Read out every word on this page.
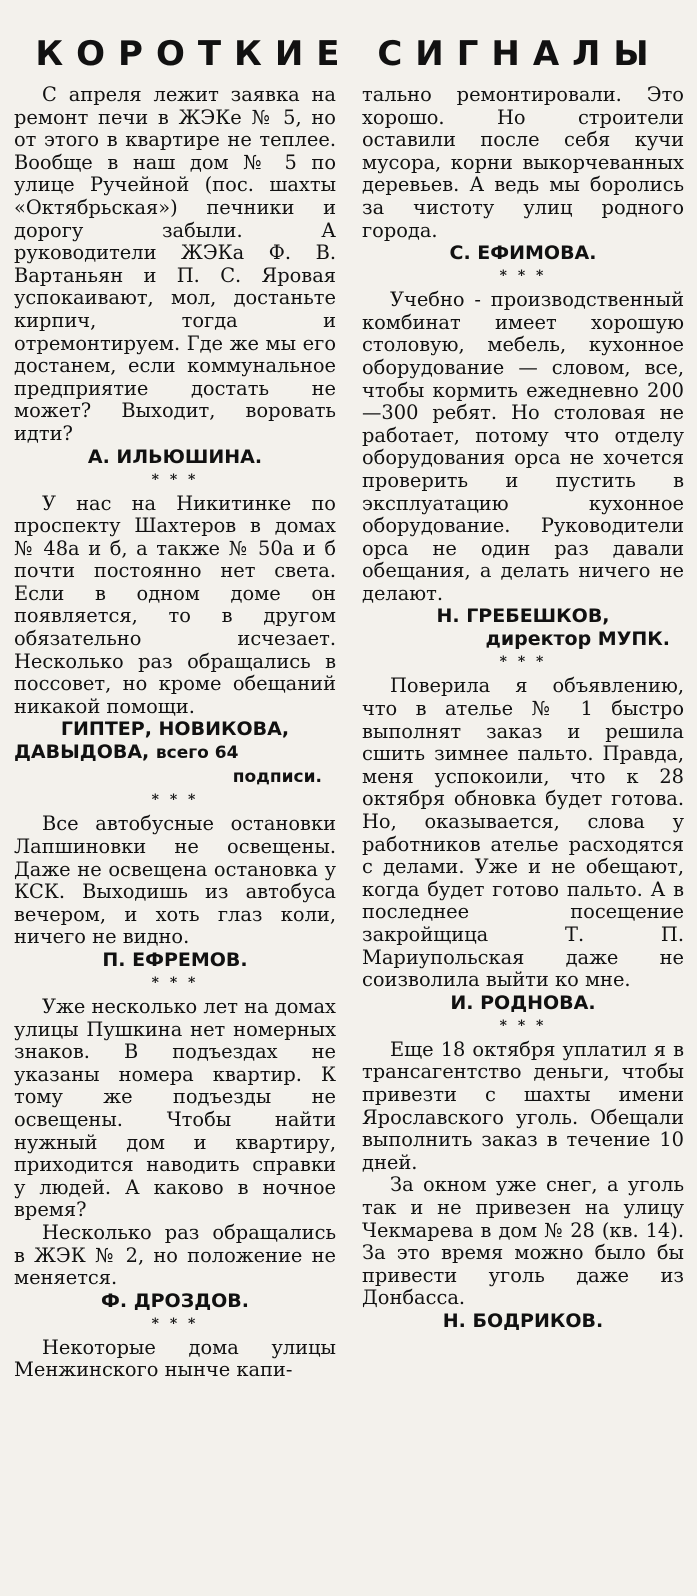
КОРОТКИЕ СИГНАЛЫ

С апреля лежит заявка на ремонт печи в ЖЭКе № 5, но от этого в квартире не теплее. Вообще в наш дом № 5 по улице Ручейной (пос. шахты «Октябрьская») печники и дорогу забыли. А руководители ЖЭКа Ф. В. Вартаньян и П. С. Яровая успокаивают, мол, достаньте кирпич, тогда и отремонтируем. Где же мы его достанем, если коммунальное предприятие достать не может? Выходит, воровать идти?

А. ИЛЬЮШИНА.

* * *

У нас на Никитинке по проспекту Шахтеров в домах № 48а и б, а также № 50а и б почти постоянно нет света. Если в одном доме он появляется, то в другом обязательно исчезает. Несколько раз обращались в поссовет, но кроме обещаний никакой помощи.

ГИПТЕР, НОВИКОВА,

ДАВЫДОВА, всего 64

подписи.

* * *

Все автобусные остановки Лапшиновки не освещены. Даже не освещена остановка у КСК. Выходишь из автобуса вечером, и хоть глаз коли, ничего не видно.

П. ЕФРЕМОВ.

* * *

Уже несколько лет на домах улицы Пушкина нет номерных знаков. В подъездах не указаны номера квартир. К тому же подъезды не освещены. Чтобы найти нужный дом и квартиру, приходится наводить справки у людей. А каково в ночное время?

Несколько раз обращались в ЖЭК № 2, но положение не меняется.

Ф. ДРОЗДОВ.

* * *

Некоторые дома улицы Менжинского нынче капи-

тально ремонтировали. Это хорошо. Но строители оставили после себя кучи мусора, корни выкорчеванных деревьев. А ведь мы боролись за чистоту улиц родного города.

С. ЕФИМОВА.

* * *

Учебно - производственный комбинат имеет хорошую столовую, мебель, кухонное оборудование — словом, все, чтобы кормить ежедневно 200—300 ребят. Но столовая не работает, потому что отделу оборудования орса не хочется проверить и пустить в эксплуатацию кухонное оборудование. Руководители орса не один раз давали обещания, а делать ничего не делают.

Н. ГРЕБЕШКОВ,

директор МУПК.

* * *

Поверила я объявлению, что в ателье № 1 быстро выполнят заказ и решила сшить зимнее пальто. Правда, меня успокоили, что к 28 октября обновка будет готова. Но, оказывается, слова у работников ателье расходятся с делами. Уже и не обещают, когда будет готово пальто. А в последнее посещение закройщица Т. П. Мариупольская даже не соизволила выйти ко мне.

И. РОДНОВА.

* * *

Еще 18 октября уплатил я в трансагентство деньги, чтобы привезти с шахты имени Ярославского уголь. Обещали выполнить заказ в течение 10 дней.

За окном уже снег, а уголь так и не привезен на улицу Чекмарева в дом № 28 (кв. 14). За это время можно было бы привести уголь даже из Донбасса.

Н. БОДРИКОВ.
